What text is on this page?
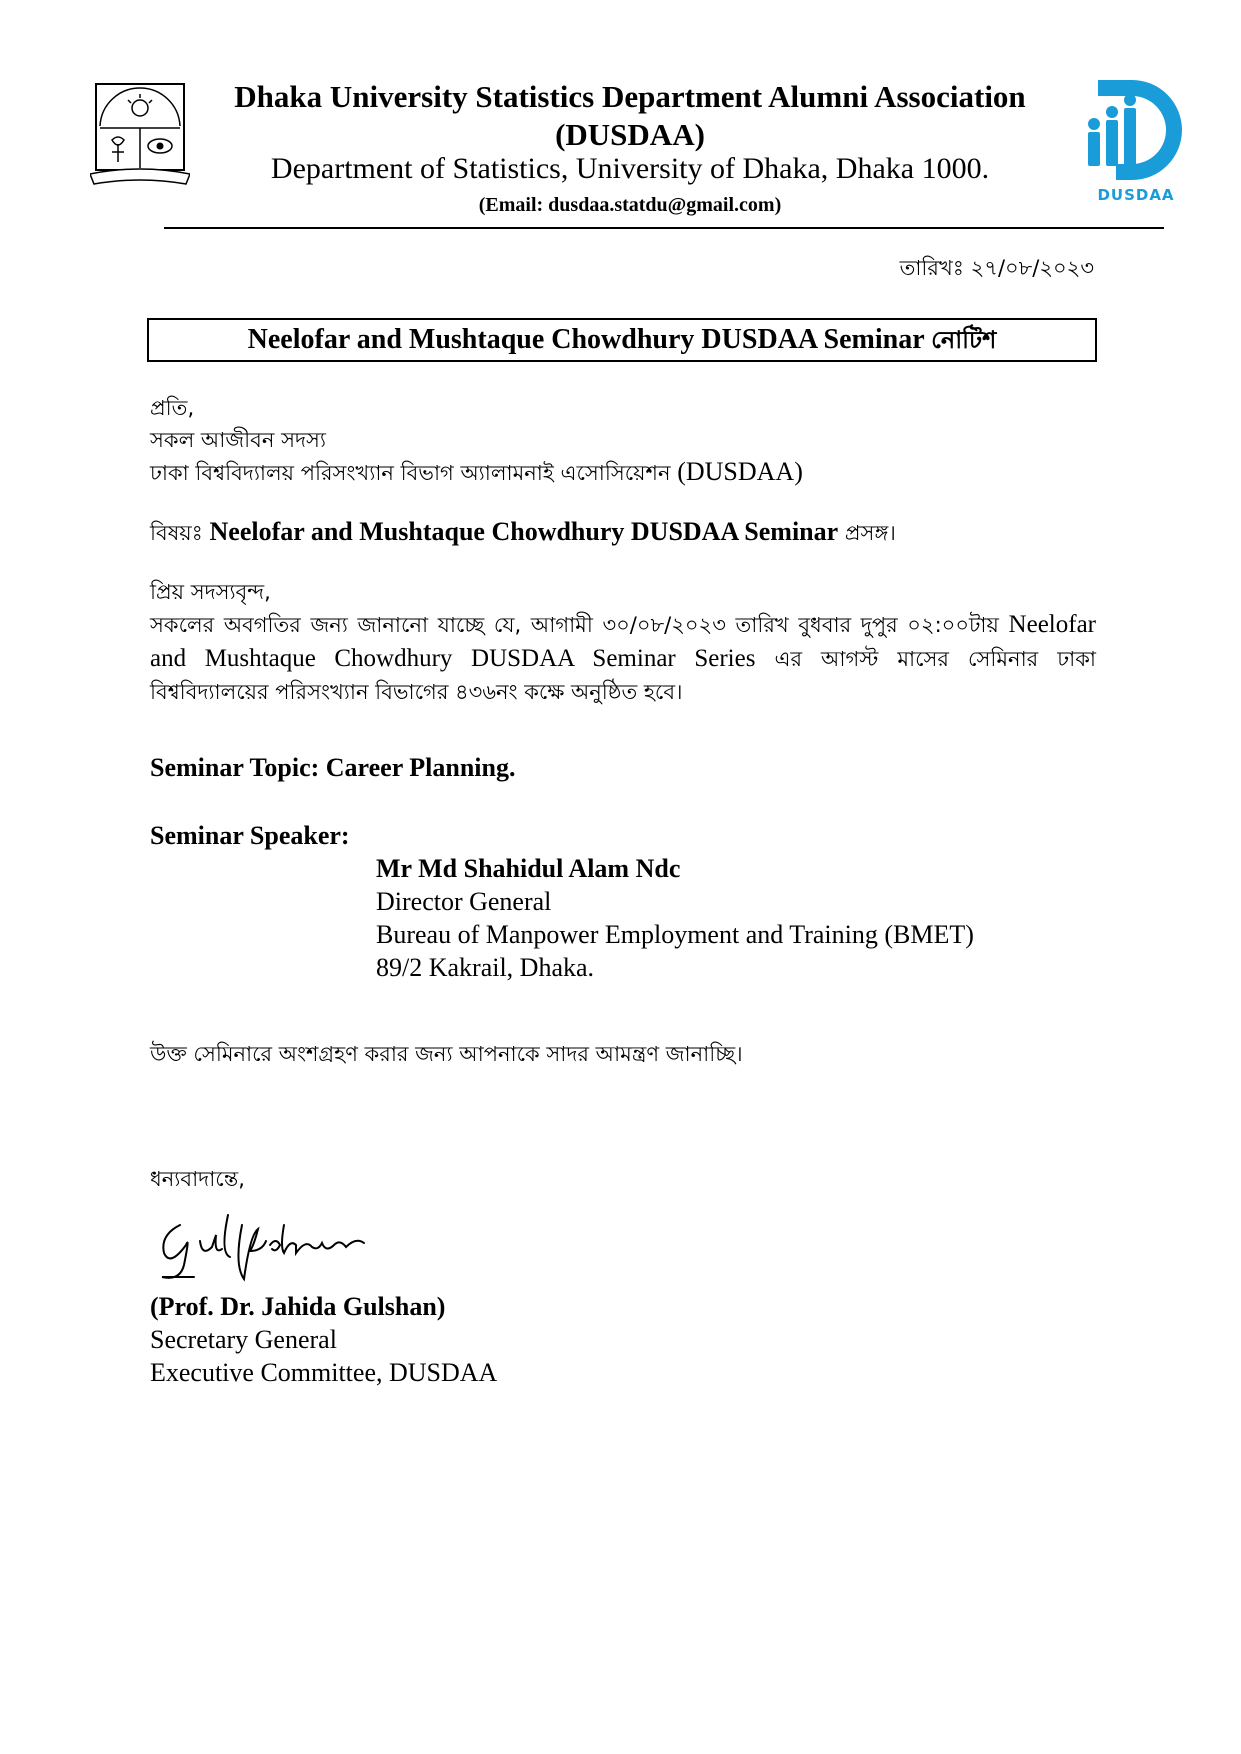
Dhaka University Statistics Department Alumni Association (DUSDAA)
Department of Statistics, University of Dhaka, Dhaka 1000.
(Email: dusdaa.statdu@gmail.com)	DUSDAA
তারিখঃ ২৭/০৮/২০২৩
Neelofar and Mushtaque Chowdhury DUSDAA Seminar নোটিশ
প্রতি,
সকল আজীবন সদস্য
ঢাকা বিশ্ববিদ্যালয় পরিসংখ্যান বিভাগ অ্যালামনাই এসোসিয়েশন (DUSDAA)
বিষয়ঃ Neelofar and Mushtaque Chowdhury DUSDAA Seminar প্রসঙ্গ।
প্রিয় সদস্যবৃন্দ,
সকলের অবগতির জন্য জানানো যাচ্ছে যে, আগামী ৩০/০৮/২০২৩ তারিখ বুধবার দুপুর ০২:০০টায় Neelofar and Mushtaque Chowdhury DUSDAA Seminar Series এর আগস্ট মাসের সেমিনার ঢাকা বিশ্ববিদ্যালয়ের পরিসংখ্যান বিভাগের ৪৩৬নং কক্ষে অনুষ্ঠিত হবে।
Seminar Topic: Career Planning.
Seminar Speaker:
Mr Md Shahidul Alam Ndc
Director General
Bureau of Manpower Employment and Training (BMET)
89/2 Kakrail, Dhaka.
উক্ত সেমিনারে অংশগ্রহণ করার জন্য আপনাকে সাদর আমন্ত্রণ জানাচ্ছি।
ধন্যবাদান্তে,
(Prof. Dr. Jahida Gulshan)
Secretary General
Executive Committee, DUSDAA
